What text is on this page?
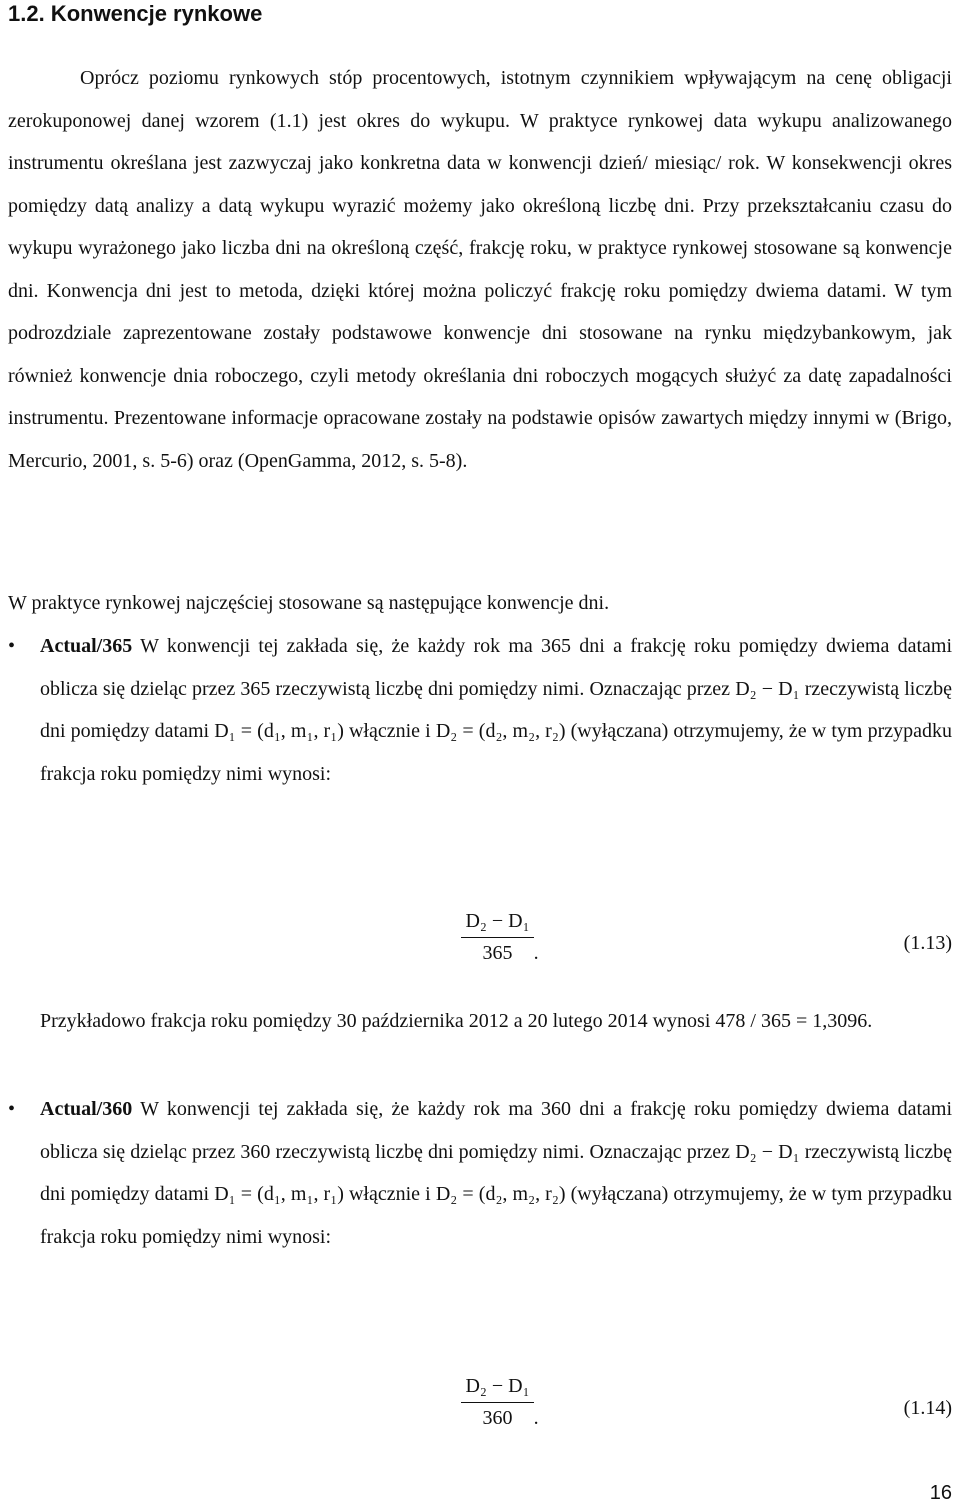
1.2. Konwencje rynkowe

Oprócz poziomu rynkowych stóp procentowych, istotnym czynnikiem wpływającym na cenę obligacji zerokuponowej danej wzorem (1.1) jest okres do wykupu. W praktyce rynkowej data wykupu analizowanego instrumentu określana jest zazwyczaj jako konkretna data w konwencji dzień/ miesiąc/ rok. W konsekwencji okres pomiędzy datą analizy a datą wykupu wyrazić możemy jako określoną liczbę dni. Przy przekształcaniu czasu do wykupu wyrażonego jako liczba dni na określoną część, frakcję roku, w praktyce rynkowej stosowane są konwencje dni. Konwencja dni jest to metoda, dzięki której można policzyć frakcję roku pomiędzy dwiema datami. W tym podrozdziale zaprezentowane zostały podstawowe konwencje dni stosowane na rynku międzybankowym, jak również konwencje dnia roboczego, czyli metody określania dni roboczych mogących służyć za datę zapadalności instrumentu. Prezentowane informacje opracowane zostały na podstawie opisów zawartych między innymi w (Brigo, Mercurio, 2001, s. 5-6) oraz (OpenGamma, 2012, s. 5-8).

W praktyce rynkowej najczęściej stosowane są następujące konwencje dni.

• Actual/365 W konwencji tej zakłada się, że każdy rok ma 365 dni a frakcję roku pomiędzy dwiema datami oblicza się dzieląc przez 365 rzeczywistą liczbę dni pomiędzy nimi. Oznaczając przez D₂ − D₁ rzeczywistą liczbę dni pomiędzy datami D₁ = (d₁, m₁, r₁) włącznie i D₂ = (d₂, m₂, r₂) (wyłączana) otrzymujemy, że w tym przypadku frakcja roku pomiędzy nimi wynosi:

$\frac{\text{D₂ − D₁}}{365}$ .	(1.13)

Przykładowo frakcja roku pomiędzy 30 października 2012 a 20 lutego 2014 wynosi 478 / 365 = 1,3096.

• Actual/360 W konwencji tej zakłada się, że każdy rok ma 360 dni a frakcję roku pomiędzy dwiema datami oblicza się dzieląc przez 360 rzeczywistą liczbę dni pomiędzy nimi. Oznaczając przez D₂ − D₁ rzeczywistą liczbę dni pomiędzy datami D₁ = (d₁, m₁, r₁) włącznie i D₂ = (d₂, m₂, r₂) (wyłączana) otrzymujemy, że w tym przypadku frakcja roku pomiędzy nimi wynosi:

$\frac{\text{D₂ − D₁}}{360}$ .	(1.14)
16
